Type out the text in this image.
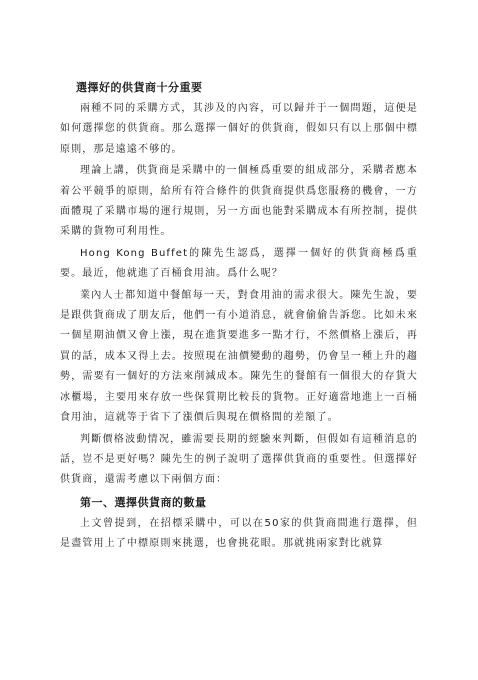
選擇好的供貨商十分重要

兩種不同的采購方式，其涉及的內容，可以歸并于一個問題，這便是如何選擇您的供貨商。那么選擇一個好的供貨商，假如只有以上那個中標原則，那是遠遠不够的。

理論上講，供貨商是采購中的一個極爲重要的組成部分，采購者應本着公平競爭的原則，給所有符合條件的供貨商提供爲您服務的機會，一方面體現了采購市場的運行規則，另一方面也能對采購成本有所控制，提供采購的貨物可利用性。

Hong Kong Buffet的陳先生認爲，選擇一個好的供貨商極爲重要。最近，他就進了百桶食用油。爲什么呢？

業內人士都知道中餐館每一天，對食用油的需求很大。陳先生說，要是跟供貨商成了朋友后，他們一有小道消息，就會偷偷告訴您。比如未來一個星期油價又會上漲，現在進貨要進多一點才行，不然價格上漲后，再買的話，成本又得上去。按照現在油價變動的趨勢，仍會呈一種上升的趨勢，需要有一個好的方法來削減成本。陳先生的餐館有一個很大的存貨大冰櫃場，主要用來存放一些保質期比較長的貨物。正好適當地進上一百桶食用油，這就等于省下了漲價后與現在價格間的差額了。

判斷價格波動情况，雖需要長期的經驗來判斷，但假如有這種消息的話，豈不是更好嗎？陳先生的例子說明了選擇供貨商的重要性。但選擇好供貨商，還需考慮以下兩個方面：

第一、選擇供貨商的數量

上文曾提到，在招標采購中，可以在50家的供貨商間進行選擇，但是盡管用上了中標原則來挑選，也會挑花眼。那就挑兩家對比就算
